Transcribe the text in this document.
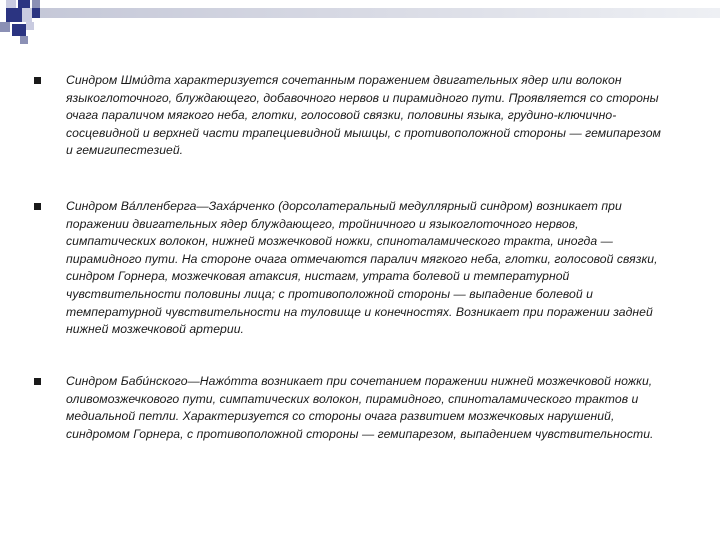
Синдром Шми́дта характеризуется сочетанным поражением двигательных ядер или волокон языкоглоточного, блуждающего, добавочного нервов и пирамидного пути. Проявляется со стороны очага параличом мягкого неба, глотки, голосовой связки, половины языка, грудино-ключично-сосцевидной и верхней части трапециевидной мышцы, с противоположной стороны — гемипарезом и гемигипестезией.

Синдром Ва́лленберга—Заха́рченко (дорсолатеральный медуллярный синдром) возникает при поражении двигательных ядер блуждающего, тройничного и языкоглоточного нервов, симпатических волокон, нижней мозжечковой ножки, спиноталамического тракта, иногда — пирамидного пути. На стороне очага отмечаются паралич мягкого неба, глотки, голосовой связки, синдром Горнера, мозжечковая атаксия, нистагм, утрата болевой и температурной чувствительности половины лица; с противоположной стороны — выпадение болевой и температурной чувствительности на туловище и конечностях. Возникает при поражении задней нижней мозжечковой артерии.

Синдром Баби́нского—Нажо́тта возникает при сочетанием поражении нижней мозжечковой ножки, оливомозжечкового пути, симпатических волокон, пирамидного, спиноталамического трактов и медиальной петли. Характеризуется со стороны очага развитием мозжечковых нарушений, синдромом Горнера, с противоположной стороны — гемипарезом, выпадением чувствительности.
